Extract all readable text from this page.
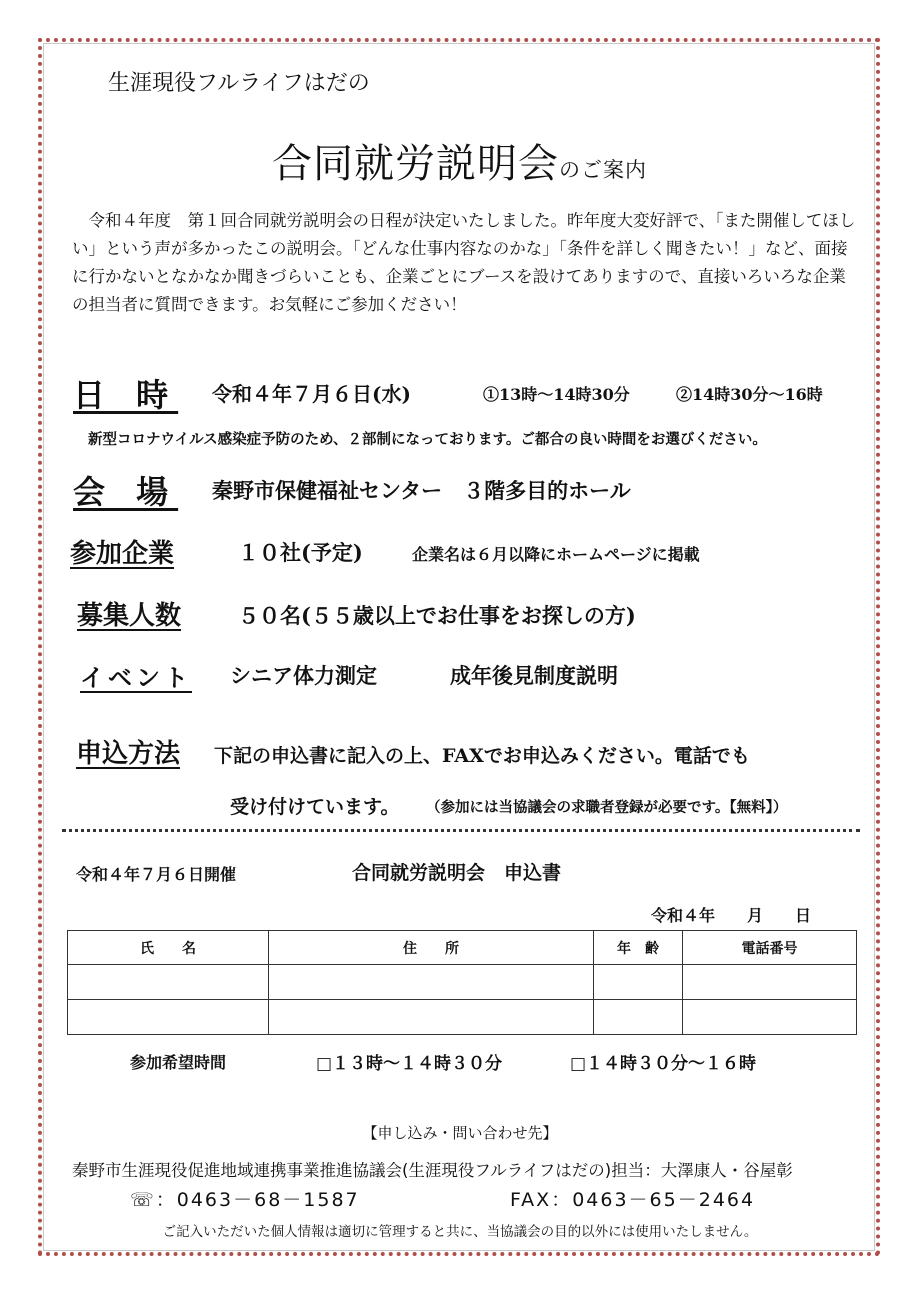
生涯現役フルライフはだの
合同就労説明会のご案内

令和４年度　第１回合同就労説明会の日程が決定いたしました。昨年度大変好評で、「また開催してほしい」という声が多かったこの説明会。「どんな仕事内容なのかな」「条件を詳しく聞きたい！」など、面接に行かないとなかなか聞きづらいことも、企業ごとにブースを設けてありますので、直接いろいろな企業の担当者に質問できます。お気軽にご参加ください！

日 時 令和４年７月６日(水)	①13時～14時30分	②14時30分～16時
新型コロナウイルス感染症予防のため、２部制になっております。ご都合の良い時間をお選びください。
会 場 秦野市保健福祉センター　３階多目的ホール
参加企業	１０社(予定)	企業名は６月以降にホームページに掲載
募集人数	５０名(５５歳以上でお仕事をお探しの方)
イベント シニア体力測定	成年後見制度説明
申込方法 下記の申込書に記入の上、FAXでお申込みください。電話でも
受け付けています。 （参加には当協議会の求職者登録が必要です。【無料】）
令和４年７月６日開催	合同就労説明会　申込書
令和４年　　月　　日
氏　　名	住　　所	年　齢	電話番号

参加希望時間	□１３時～１４時３０分	□１４時３０分～１６時
【申し込み・問い合わせ先】
秦野市生涯現役促進地域連携事業推進協議会(生涯現役フルライフはだの)担当：大澤康人・谷屋彰
☏：0463－68－1587	FAX：0463－65－2464
ご記入いただいた個人情報は適切に管理すると共に、当協議会の目的以外には使用いたしません。
